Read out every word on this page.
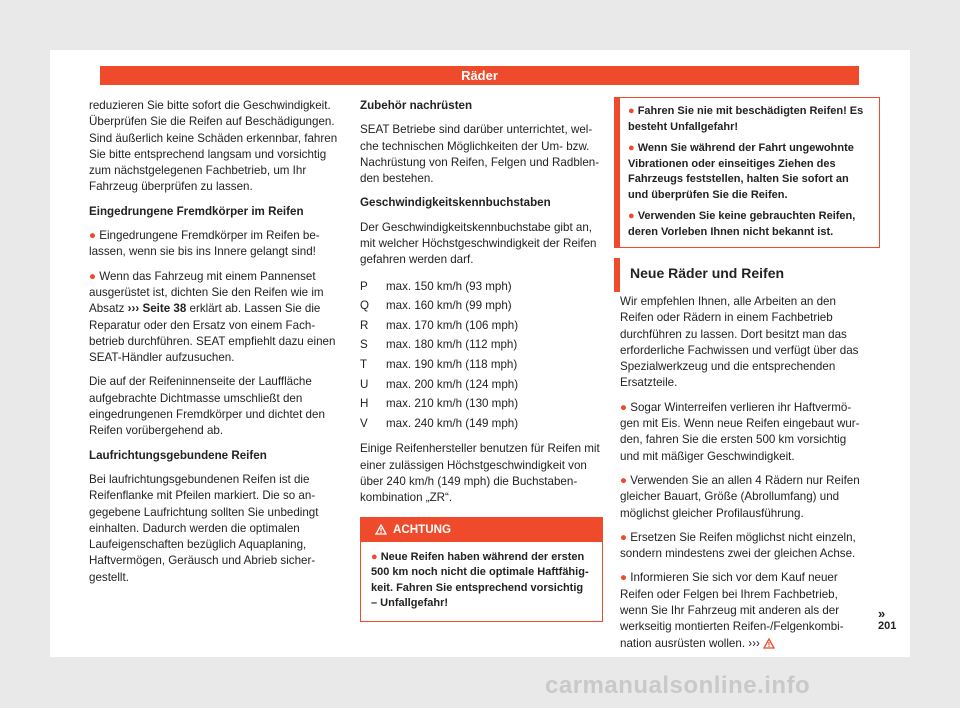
Räder

reduzieren Sie bitte sofort die Geschwindigkeit. Überprüfen Sie die Reifen auf Beschädigungen. Sind äußerlich keine Schäden erkennbar, fahren Sie bitte entsprechend langsam und vorsichtig zum nächstgelegenen Fachbetrieb, um Ihr Fahrzeug überprüfen zu lassen.

Eingedrungene Fremdkörper im Reifen

● Eingedrungene Fremdkörper im Reifen belassen, wenn sie bis ins Innere gelangt sind!

● Wenn das Fahrzeug mit einem Pannenset ausgerüstet ist, dichten Sie den Reifen wie im Absatz ››› Seite 38 erklärt ab. Lassen Sie die Reparatur oder den Ersatz von einem Fachbetrieb durchführen. SEAT empfiehlt dazu einen SEAT-Händler aufzusuchen.

Die auf der Reifeninnenseite der Lauffläche aufgebrachte Dichtmasse umschließt den eingedrungenen Fremdkörper und dichtet den Reifen vorübergehend ab.

Laufrichtungsgebundene Reifen

Bei laufrichtungsgebundenen Reifen ist die Reifenflanke mit Pfeilen markiert. Die so angegebene Laufrichtung sollten Sie unbedingt einhalten. Dadurch werden die optimalen Laufeigenschaften bezüglich Aquaplaning, Haftvermögen, Geräusch und Abrieb sichergestellt.

Zubehör nachrüsten

SEAT Betriebe sind darüber unterrichtet, welche technischen Möglichkeiten der Um- bzw. Nachrüstung von Reifen, Felgen und Radblenden bestehen.

Geschwindigkeitskennbuchstaben

Der Geschwindigkeitskennbuchstabe gibt an, mit welcher Höchstgeschwindigkeit der Reifen gefahren werden darf.

P	max. 150 km/h (93 mph)
Q	max. 160 km/h (99 mph)
R	max. 170 km/h (106 mph)
S	max. 180 km/h (112 mph)
T	max. 190 km/h (118 mph)
U	max. 200 km/h (124 mph)
H	max. 210 km/h (130 mph)
V	max. 240 km/h (149 mph)

Einige Reifenhersteller benutzen für Reifen mit einer zulässigen Höchstgeschwindigkeit von über 240 km/h (149 mph) die Buchstabenkombination „ZR“.

ACHTUNG
● Neue Reifen haben während der ersten 500 km noch nicht die optimale Haftfähigkeit. Fahren Sie entsprechend vorsichtig – Unfallgefahr!

● Fahren Sie nie mit beschädigten Reifen! Es besteht Unfallgefahr!

● Wenn Sie während der Fahrt ungewohnte Vibrationen oder einseitiges Ziehen des Fahrzeugs feststellen, halten Sie sofort an und überprüfen Sie die Reifen.

● Verwenden Sie keine gebrauchten Reifen, deren Vorleben Ihnen nicht bekannt ist.

Neue Räder und Reifen

Wir empfehlen Ihnen, alle Arbeiten an den Reifen oder Rädern in einem Fachbetrieb durchführen zu lassen. Dort besitzt man das erforderliche Fachwissen und verfügt über das Spezialwerkzeug und die entsprechenden Ersatzteile.

● Sogar Winterreifen verlieren ihr Haftvermögen mit Eis. Wenn neue Reifen eingebaut wurden, fahren Sie die ersten 500 km vorsichtig und mit mäßiger Geschwindigkeit.

● Verwenden Sie an allen 4 Rädern nur Reifen gleicher Bauart, Größe (Abrollumfang) und möglichst gleicher Profilausführung.

● Ersetzen Sie Reifen möglichst nicht einzeln, sondern mindestens zwei der gleichen Achse.

● Informieren Sie sich vor dem Kauf neuer Reifen oder Felgen bei Ihrem Fachbetrieb, wenn Sie Ihr Fahrzeug mit anderen als der werkseitig montierten Reifen-/Felgenkombination ausrüsten wollen. ›››

»
201
carmanualsonline.info
